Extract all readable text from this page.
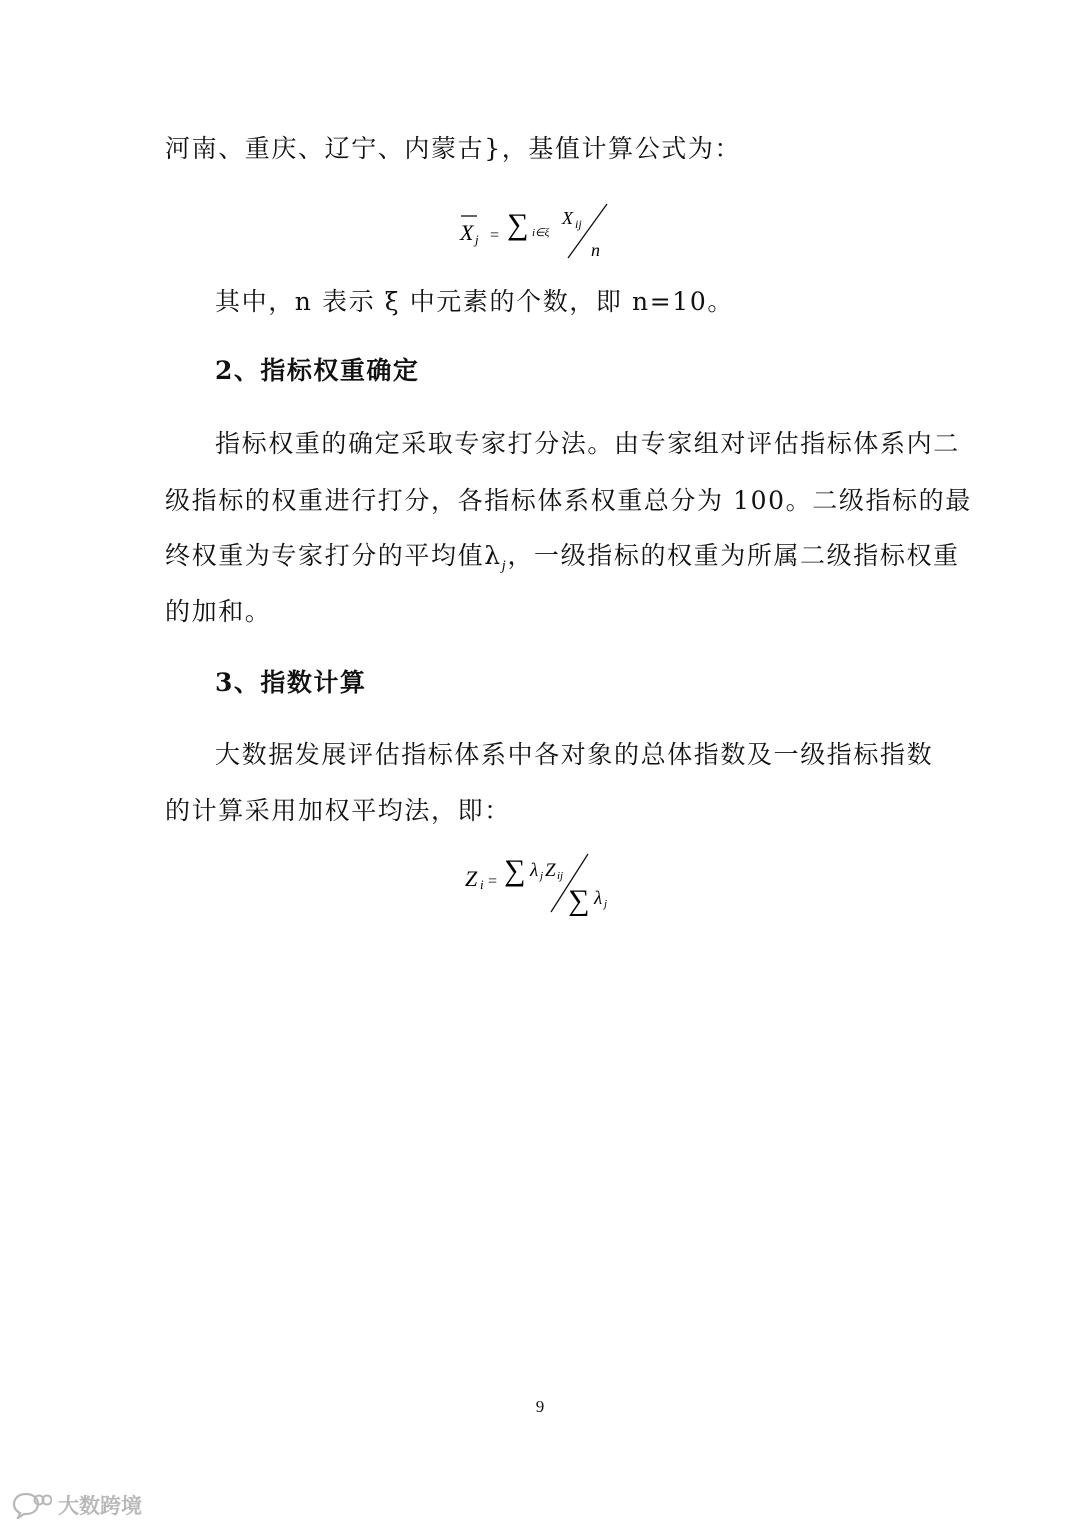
河南、重庆、辽宁、内蒙古}，基值计算公式为：
X j = ∑ i∈ξ
X ij
n
其中，n 表示 ξ 中元素的个数，即 n=10。
2、指标权重确定
指标权重的确定采取专家打分法。由专家组对评估指标体系内二
级指标的权重进行打分，各指标体系权重总分为 100。二级指标的最
终权重为专家打分的平均值$\lambda_j$，一级指标的权重为所属二级指标权重
的加和。
3、指数计算
大数据发展评估指标体系中各对象的总体指数及一级指标指数
的计算采用加权平均法，即：
Z i = ∑ λ j Z ij
∑ λ j
9
大数跨境
